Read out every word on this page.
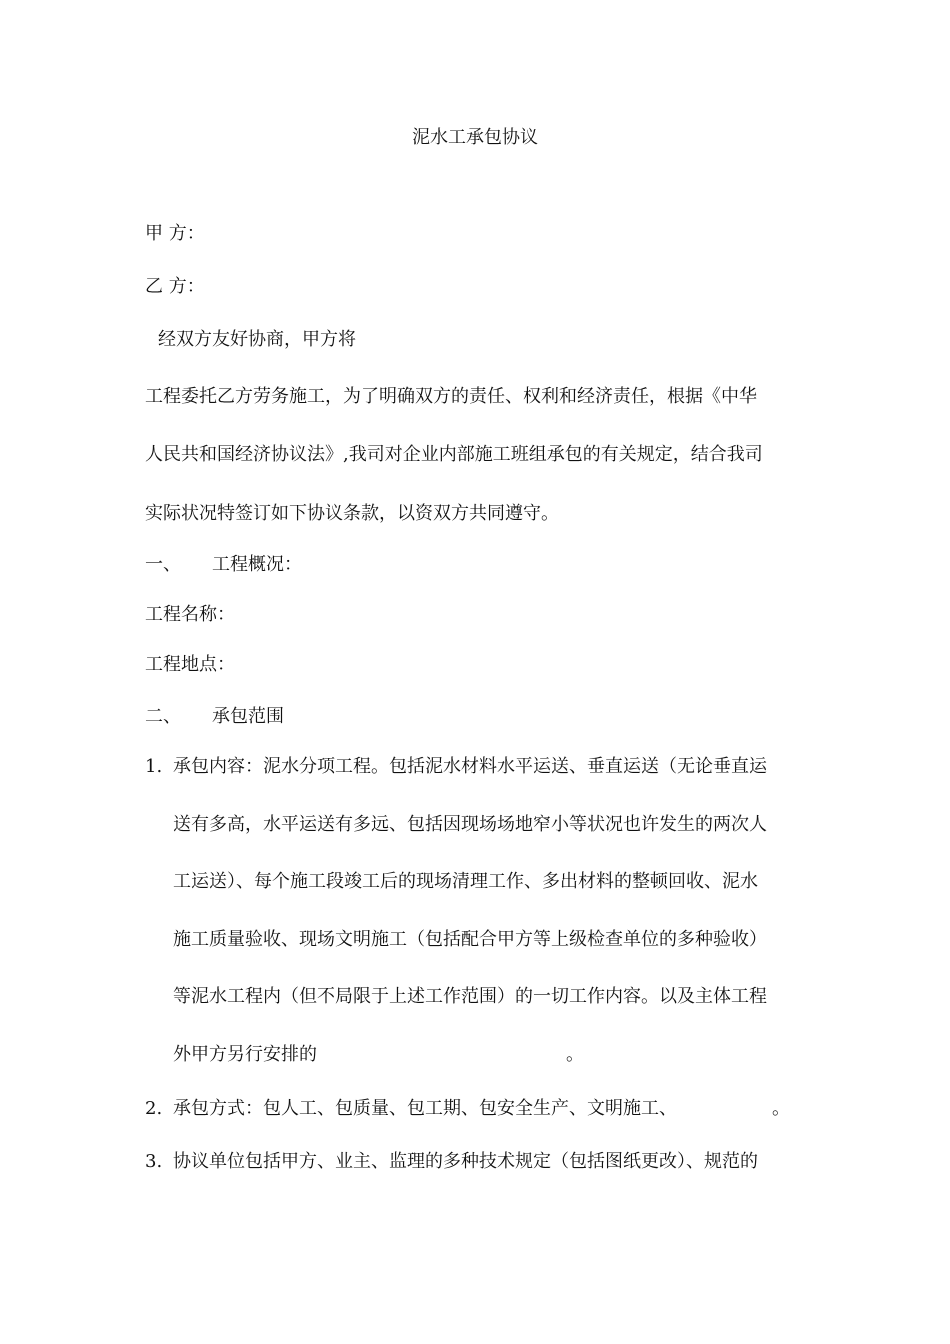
泥水工承包协议
甲 方：
乙 方：
经双方友好协商，甲方将
工程委托乙方劳务施工，为了明确双方的责任、权利和经济责任，根据《中华
人民共和国经济协议法》,我司对企业内部施工班组承包的有关规定，结合我司
实际状况特签订如下协议条款，以资双方共同遵守。
一、 工程概况：
工程名称：
工程地点：
二、 承包范围
1. 承包内容：泥水分项工程。包括泥水材料水平运送、垂直运送（无论垂直运
送有多高，水平运送有多远、包括因现场场地窄小等状况也许发生的两次人
工运送）、每个施工段竣工后的现场清理工作、多出材料的整顿回收、泥水
施工质量验收、现场文明施工（包括配合甲方等上级检查单位的多种验收）
等泥水工程内（但不局限于上述工作范围）的一切工作内容。以及主体工程
外甲方另行安排的	。
2. 承包方式：包人工、包质量、包工期、包安全生产、文明施工、	。
3. 协议单位包括甲方、业主、监理的多种技术规定（包括图纸更改）、规范的
